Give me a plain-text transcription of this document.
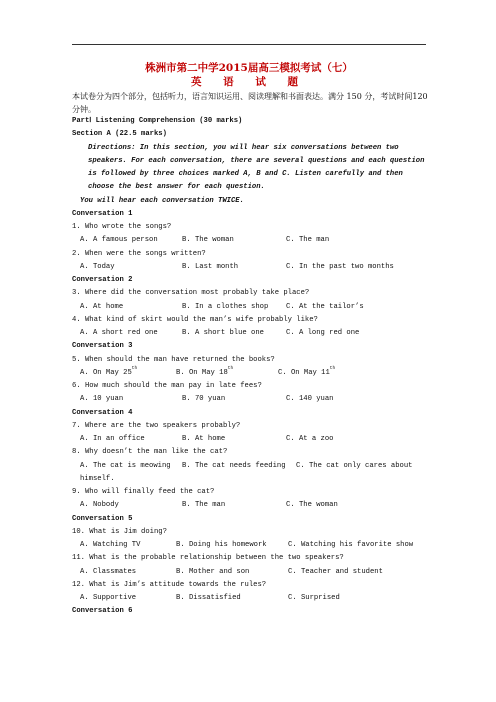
株洲市第二中学2015届高三模拟考试（七）
英 语 试 题
本试卷分为四个部分，包括听力，语言知识运用、阅读理解和书面表达。满分 150 分，考试时间120分钟。
PartⅠ Listening Comprehension (30 marks)
Section A (22.5 marks)
Directions: In this section, you will hear six conversations between two speakers. For each conversation, there are several questions and each question is followed by three choices marked A, B and C. Listen carefully and then choose the best answer for each question.
You will hear each conversation TWICE.
Conversation 1
1. Who wrote the songs?
A. A famous person	B. The woman	C. The man
2. When were the songs written?
A. Today	B. Last month	C. In the past two months
Conversation 2
3. Where did the conversation most probably take place?
A. At home	B. In a clothes shop C. At the tailor’s
4. What kind of skirt would the man’s wife probably like?
A. A short red one	B. A short blue one	C. A long red one
Conversation 3
5. When should the man have returned the books?
A. On May 25thB. On May 18thC. On May 11th
6. How much should the man pay in late fees?
A. 10 yuan	B. 70 yuan	C. 140 yuan
Conversation 4
7. Where are the two speakers probably?
A. In an office	B. At home	C. At a zoo
8. Why doesn’t the man like the cat?
A. The cat is meowing B. The cat needs feeding C. The cat only cares about himself.
9. Who will finally feed the cat?
A. Nobody	B. The man	C. The woman
Conversation 5
10. What is Jim doing?
A. Watching TV	B. Doing his homework	C. Watching his favorite show
11. What is the probable relationship between the two speakers?
A. Classmates	B. Mother and son	C. Teacher and student
12. What is Jim’s attitude towards the rules?
A. Supportive	B. Dissatisfied	C. Surprised
Conversation 6
